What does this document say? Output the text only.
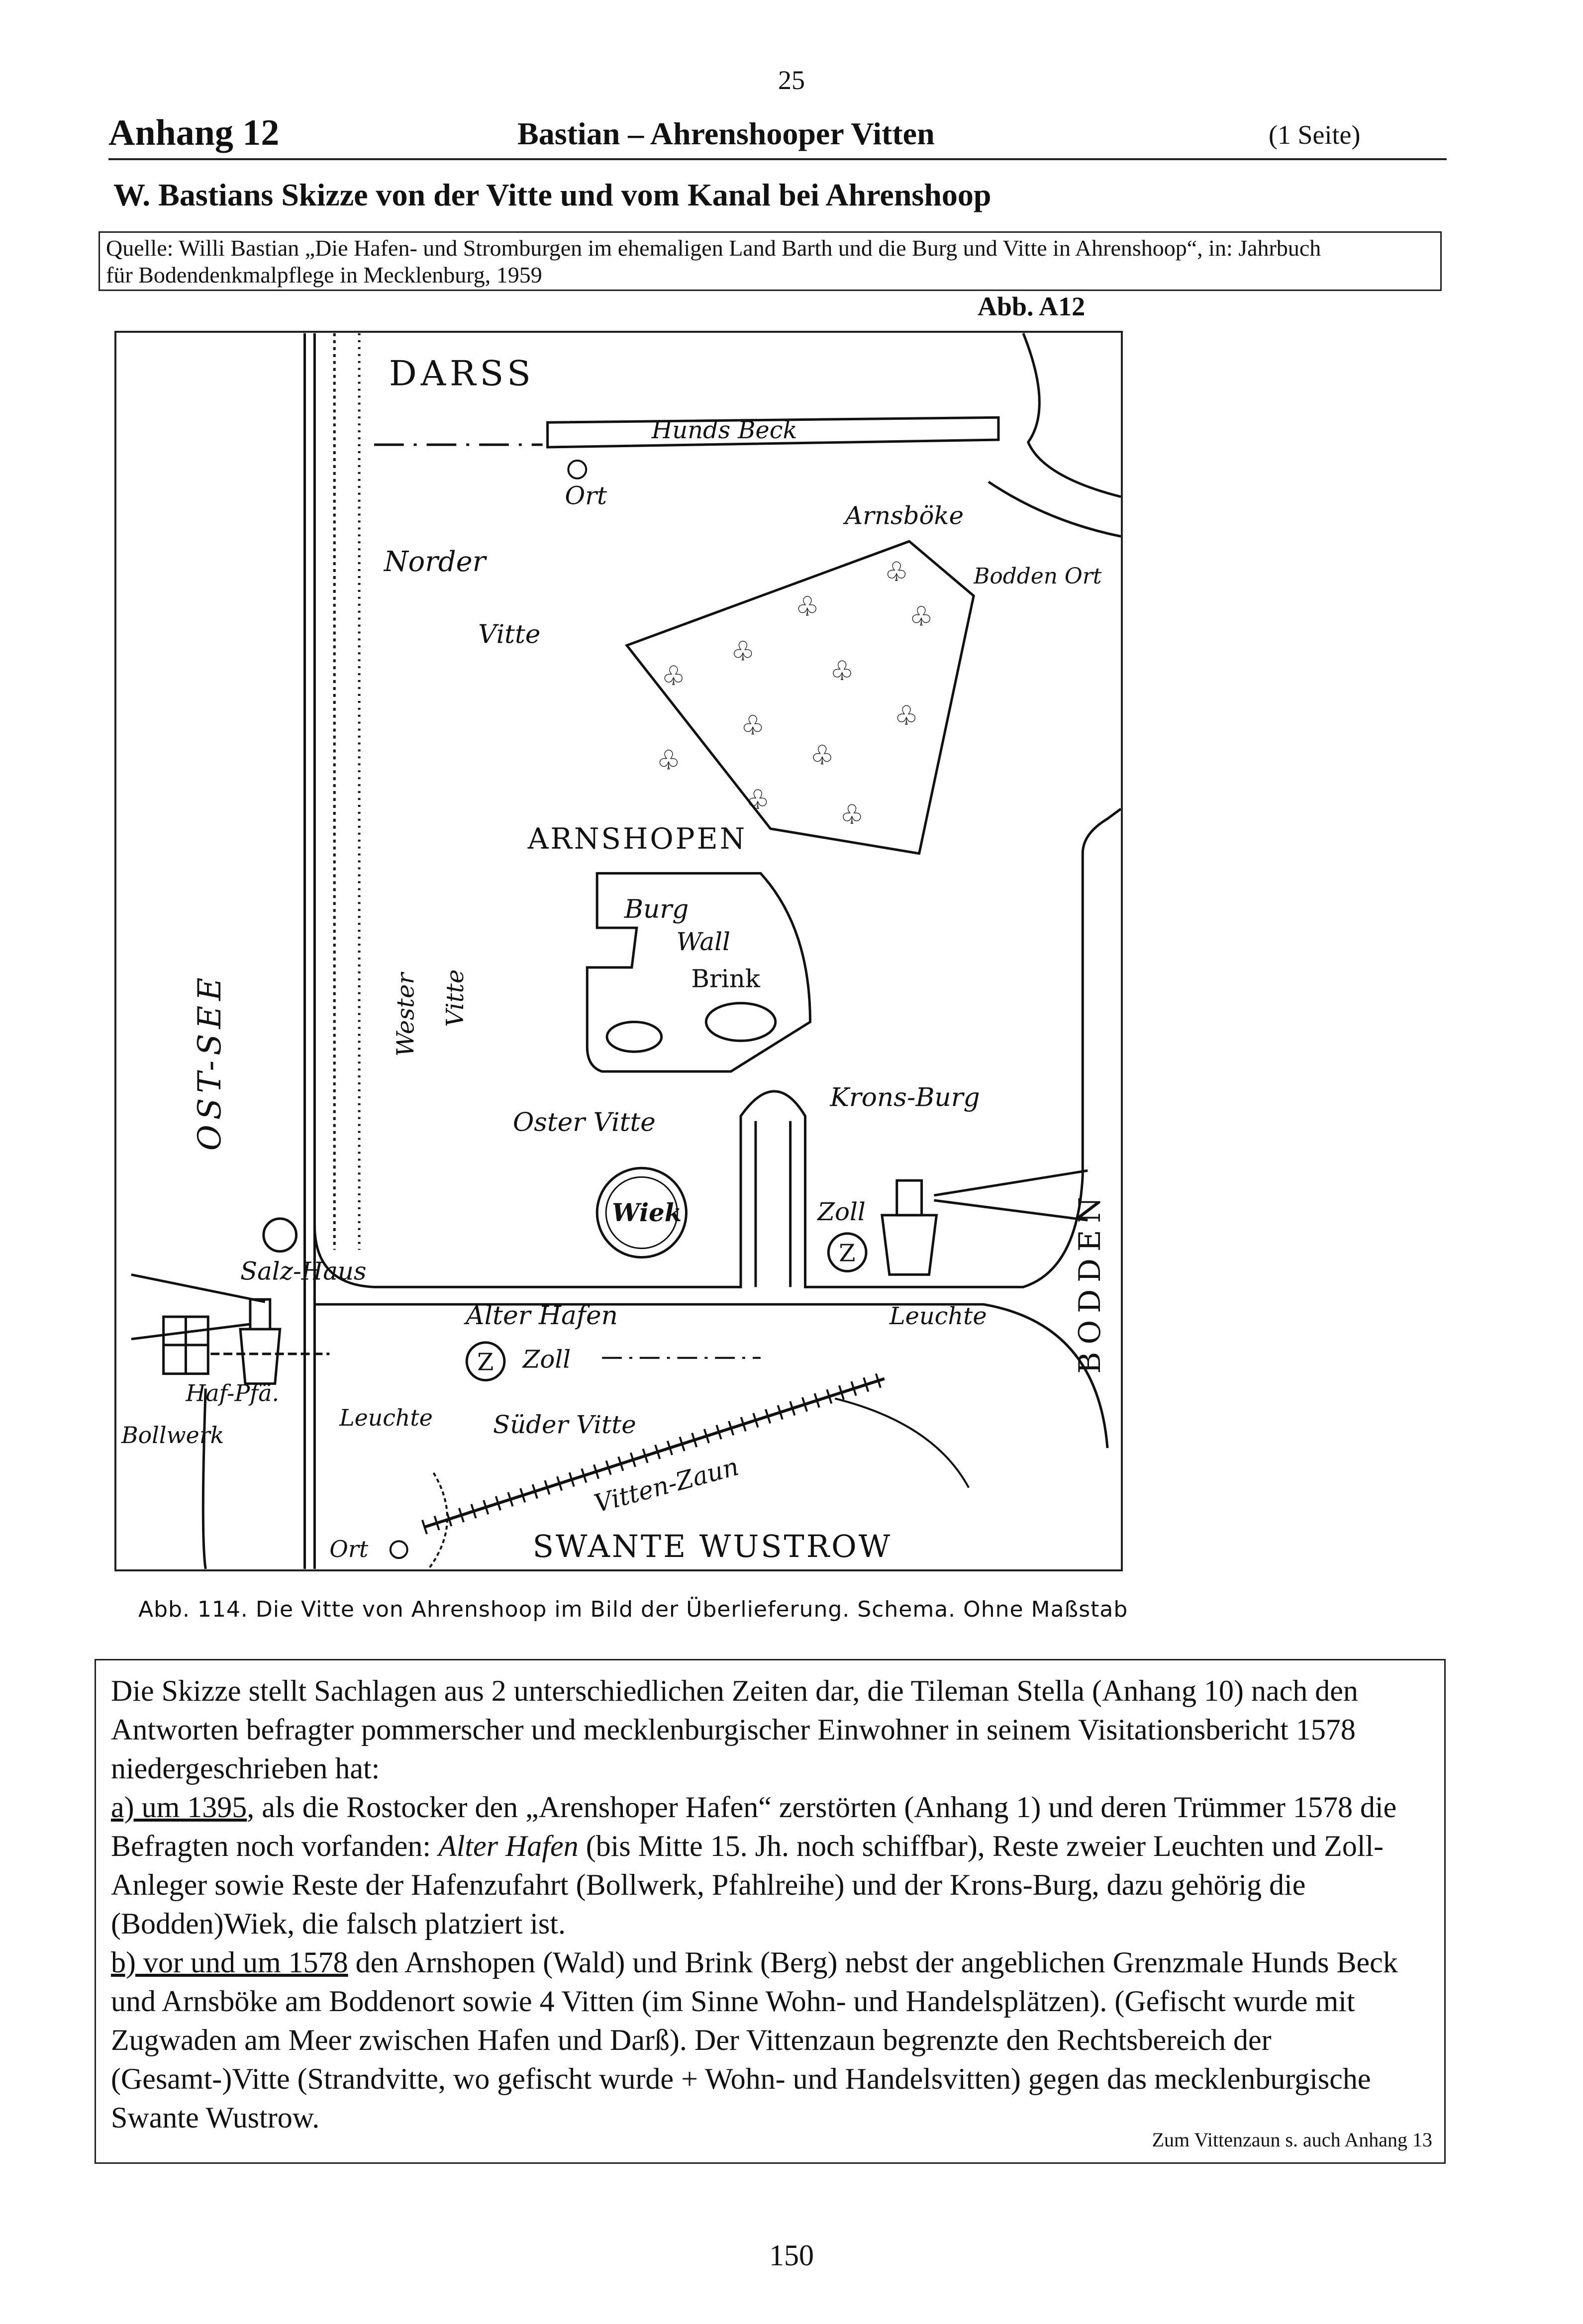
25
Anhang 12	Bastian – Ahrenshooper Vitten	(1 Seite)
W. Bastians Skizze von der Vitte und vom Kanal bei Ahrenshoop
Quelle: Willi Bastian „Die Hafen- und Stromburgen im ehemaligen Land Barth und die Burg und Vitte in Ahrenshoop“, in: Jahrbuch
für Bodendenkmalpflege in Mecklenburg, 1959
Abb. A12
DARSS
Hunds Beck
Ort
Arnsböke
Bodden Ort
Norder
Vitte
♧
♧	♧
♧
♧	♧
♧
♧
♧	♧
♧	♧
ARNSHOPEN
Burg
Wall
Brink
Wester Vitte
OST-SEE	Krons-Burg
Oster Vitte
Wiek	Zoll
Z
Salz-Haus
Alter Hafen	Leuchte	BODDEN
Z Zoll
Haf-Pfä.
Bollwerk
Leuchte Süder Vitte
Vitten-Zaun
Ort	SWANTE WUSTROW
Abb. 114. Die Vitte von Ahrenshoop im Bild der Überlieferung. Schema. Ohne Maßstab

Die Skizze stellt Sachlagen aus 2 unterschiedlichen Zeiten dar, die Tileman Stella (Anhang 10) nach den Antworten befragter pommerscher und mecklenburgischer Einwohner in seinem Visitationsbericht 1578 niedergeschrieben hat:

a) um 1395, als die Rostocker den „Arenshoper Hafen“ zerstörten (Anhang 1) und deren Trümmer 1578 die Befragten noch vorfanden: Alter Hafen (bis Mitte 15. Jh. noch schiffbar), Reste zweier Leuchten und Zoll-Anleger sowie Reste der Hafenzufahrt (Bollwerk, Pfahlreihe) und der Krons-Burg, dazu gehörig die (Bodden)Wiek, die falsch platziert ist.

b) vor und um 1578 den Arnshopen (Wald) und Brink (Berg) nebst der angeblichen Grenzmale Hunds Beck und Arnsböke am Boddenort sowie 4 Vitten (im Sinne Wohn- und Handelsplätzen). (Gefischt wurde mit Zugwaden am Meer zwischen Hafen und Darß). Der Vittenzaun begrenzte den Rechtsbereich der (Gesamt-)Vitte (Strandvitte, wo gefischt wurde + Wohn- und Handelsvitten) gegen das mecklenburgische Swante Wustrow.

Zum Vittenzaun s. auch Anhang 13
150
